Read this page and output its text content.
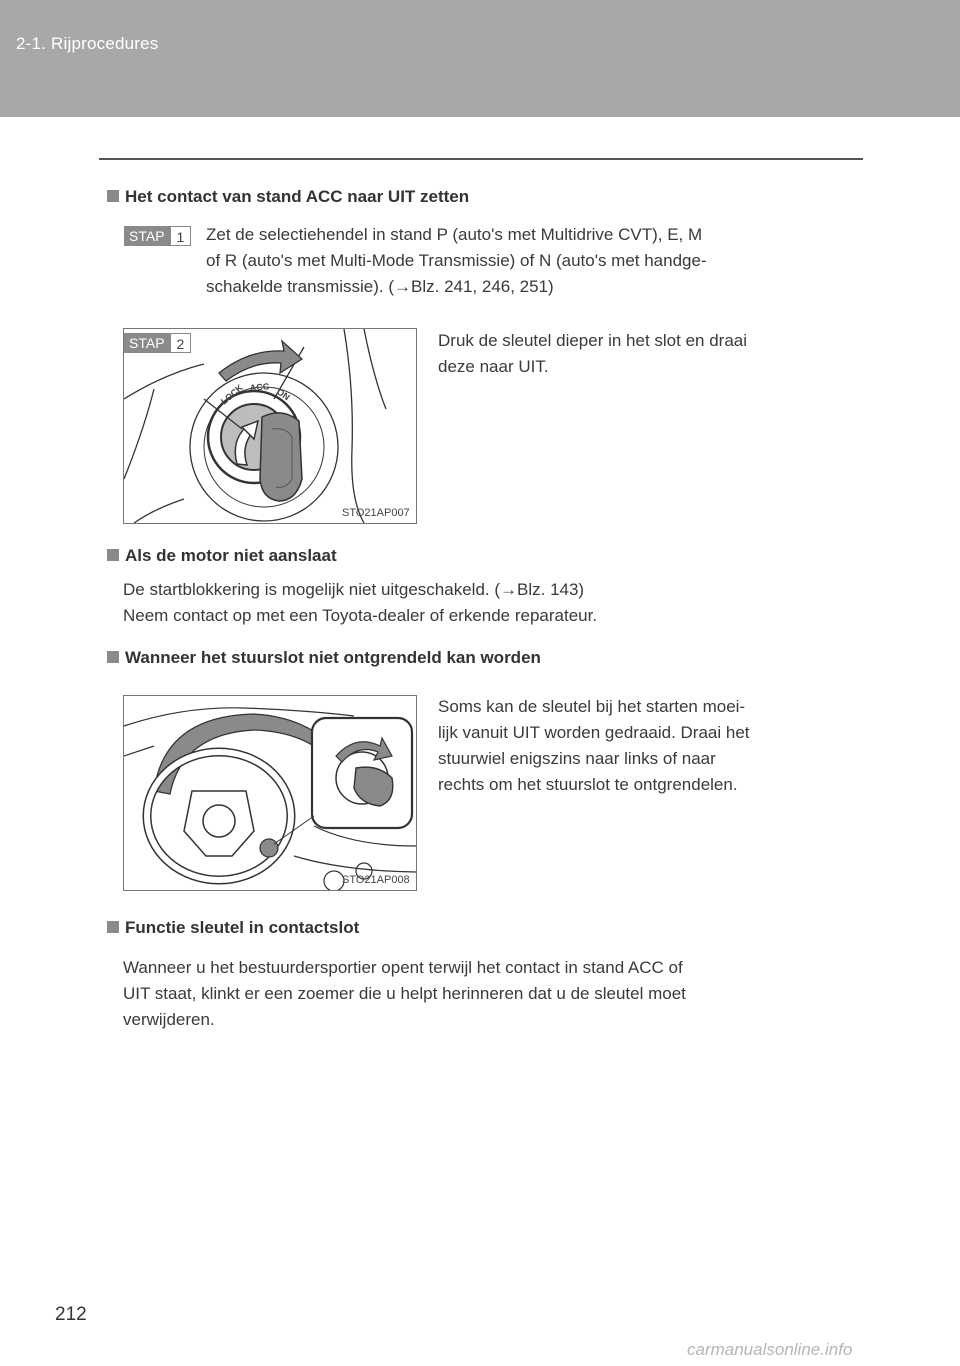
2-1. Rijprocedures
Het contact van stand ACC naar UIT zetten
STAP 1	Zet de selectiehendel in stand P (auto's met Multidrive CVT), E, M
of R (auto's met Multi-Mode Transmissie) of N (auto's met handge-
schakelde transmissie). (→Blz. 241, 246, 251)
LOCK ACC ON
STO21AP007
STAP 2	Druk de sleutel dieper in het slot en draai
deze naar UIT.
Als de motor niet aanslaat
De startblokkering is mogelijk niet uitgeschakeld. (→Blz. 143)
Neem contact op met een Toyota-dealer of erkende reparateur.
Wanneer het stuurslot niet ontgrendeld kan worden
STO21AP008
Soms kan de sleutel bij het starten moei-
lijk vanuit UIT worden gedraaid. Draai het
stuurwiel enigszins naar links of naar
rechts om het stuurslot te ontgrendelen.
Functie sleutel in contactslot
Wanneer u het bestuurdersportier opent terwijl het contact in stand ACC of
UIT staat, klinkt er een zoemer die u helpt herinneren dat u de sleutel moet
verwijderen.
212
carmanualsonline.info
